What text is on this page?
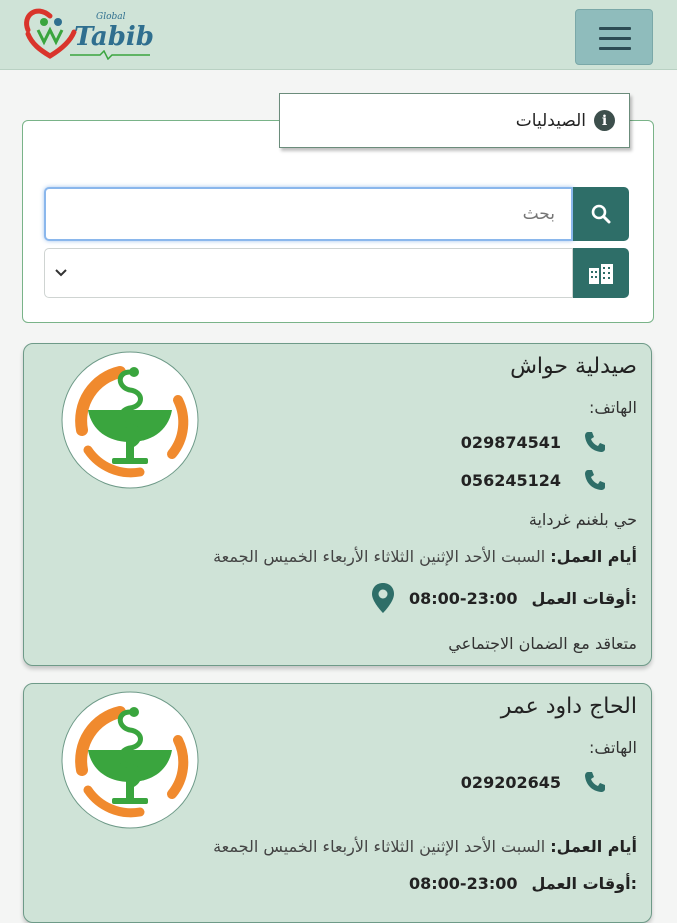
Global
Tabib
i
الصيدليات
بحث
صيدلية حواش
الهاتف:
029874541
056245124
حي بلغنم غرداية
أيام العمل: السبت الأحد الإثنين الثلاثاء الأربعاء الخميس الجمعة
08:00-23:00 أوقات العمل:
متعاقد مع الضمان الاجتماعي
الحاج داود عمر
الهاتف:
029202645
أيام العمل: السبت الأحد الإثنين الثلاثاء الأربعاء الخميس الجمعة
08:00-23:00 أوقات العمل:
